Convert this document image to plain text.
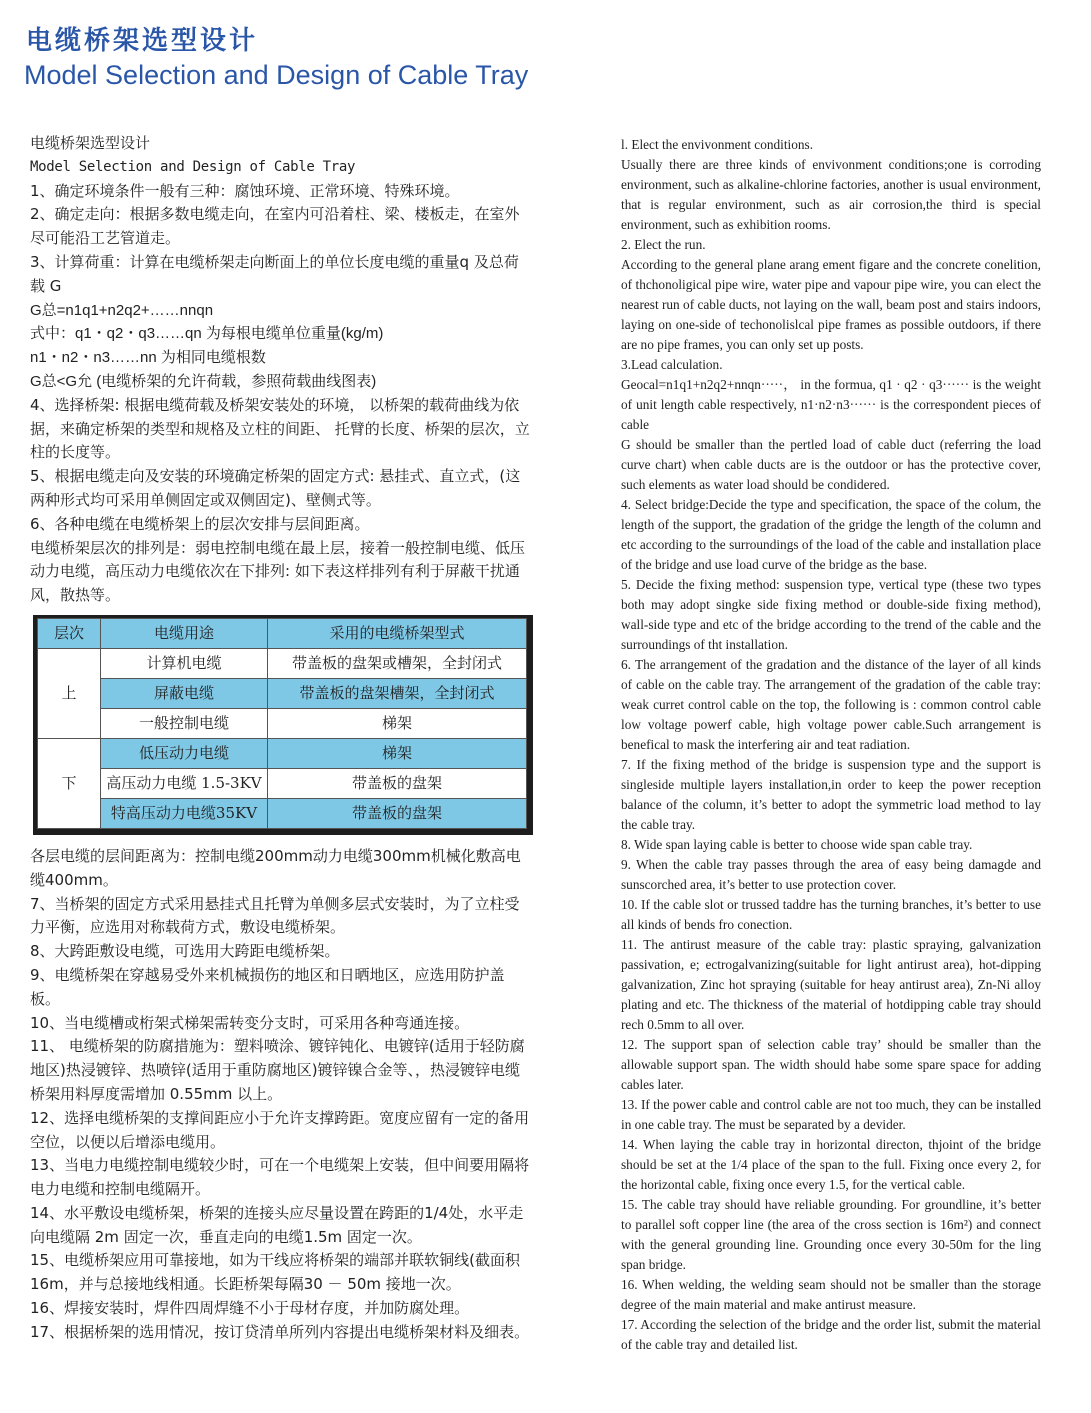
电缆桥架选型设计
Model Selection and Design of Cable Tray

电缆桥架选型设计

Model Selection and Design of Cable Tray

1、确定环境条件一般有三种：腐蚀环境、正常环境、特殊环境。

2、确定走向：根据多数电缆走向，在室内可沿着柱、梁、楼板走，在室外尽可能沿工艺管道走。

3、计算荷重：计算在电缆桥架走向断面上的单位长度电缆的重量q 及总荷载 G

G总=n1q1+n2q2+……nnqn

式中：q1・q2・q3……qn 为每根电缆单位重量(kg/m)

n1・n2・n3……nn 为相同电缆根数

G总<G允 (电缆桥架的允许荷载，参照荷载曲线图表)

4、选择桥架: 根据电缆荷载及桥架安装处的环境， 以桥架的载荷曲线为依据，来确定桥架的类型和规格及立柱的间距、 托臂的长度、桥架的层次，立柱的长度等。

5、根据电缆走向及安装的环境确定桥架的固定方式: 悬挂式、直立式，(这两种形式均可采用单侧固定或双侧固定)、壁侧式等。

6、各种电缆在电缆桥架上的层次安排与层间距离。

电缆桥架层次的排列是：弱电控制电缆在最上层，接着一般控制电缆、低压动力电缆，高压动力电缆依次在下排列: 如下表这样排列有利于屏蔽干扰通风，散热等。

层次	电缆用途	采用的电缆桥架型式
上	计算机电缆	带盖板的盘架或槽架，全封闭式
	屏蔽电缆	带盖板的盘架槽架，全封闭式
	一般控制电缆	梯架
下	低压动力电缆	梯架
	高压动力电缆 1.5-3KV	带盖板的盘架
	特高压动力电缆35KV	带盖板的盘架

各层电缆的层间距离为：控制电缆200mm动力电缆300mm机械化敷高电缆400mm。

7、当桥架的固定方式采用悬挂式且托臂为单侧多层式安装时，为了立柱受力平衡，应选用对称载荷方式，敷设电缆桥架。

8、大跨距敷设电缆，可选用大跨距电缆桥架。

9、电缆桥架在穿越易受外来机械损伤的地区和日晒地区，应选用防护盖板。

10、当电缆槽或桁架式梯架需转变分支时，可采用各种弯通连接。

11、 电缆桥架的防腐措施为：塑料喷涂、镀锌钝化、电镀锌(适用于轻防腐地区)热浸镀锌、热喷锌(适用于重防腐地区)镀锌镍合金等、，热浸镀锌电缆桥架用料厚度需增加 0.55mm 以上。

12、选择电缆桥架的支撑间距应小于允许支撑跨距。宽度应留有一定的备用空位，以便以后增添电缆用。

13、当电力电缆控制电缆较少时，可在一个电缆架上安装，但中间要用隔将电力电缆和控制电缆隔开。

14、水平敷设电缆桥架，桥架的连接头应尽量设置在跨距的1/4处，水平走向电缆隔 2m 固定一次，垂直走向的电缆1.5m 固定一次。

15、电缆桥架应用可靠接地，如为干线应将桥架的端部并联软铜线(截面积 16m，并与总接地线相通。长距桥架每隔30 － 50m 接地一次。

16、焊接安装时，焊件四周焊缝不小于母材存度，并加防腐处理。

17、根据桥架的选用情况，按订贷清单所列内容提出电缆桥架材料及细表。

l. Elect the envivonment conditions.

Usually there are three kinds of envivonment conditions;one is corroding environment, such as alkaline-chlorine factories, another is usual environment, that is regular environment, such as air corrosion,the third is special environment, such as exhibition rooms.

2. Elect the run.

According to the general plane arang ement figare and the concrete conelition, of thchonoligical pipe wire, water pipe and vapour pipe wire, you can elect the nearest run of cable ducts, not laying on the wall, beam post and stairs indoors, laying on one-side of techonolislcal pipe frames as possible outdoors, if there are no pipe frames, you can only set up posts.

3.Lead calculation.

Geocal=n1q1+n2q2+nnqn·····， in the formua, q1 · q2 · q3······ is the weight of unit length cable respectively, n1·n2·n3······ is the correspondent pieces of cable

G should be smaller than the pertled load of cable duct (referring the load curve chart) when cable ducts are is the outdoor or has the protective cover, such elements as water load should be condidered.

4. Select bridge:Decide the type and specification, the space of the colum, the length of the support, the gradation of the gridge the length of the column and etc according to the surroundings of the load of the cable and installation place of the bridge and use load curve of the bridge as the base.

5. Decide the fixing method: suspension type, vertical type (these two types both may adopt singke side fixing method or double-side fixing method), wall-side type and etc of the bridge according to the trend of the cable and the surroundings of tht installation.

6. The arrangement of the gradation and the distance of the layer of all kinds of cable on the cable tray. The arrangement of the gradation of the cable tray: weak curret control cable on the top, the following is : common control cable low voltage powerf cable, high voltage power cable.Such arrangement is benefical to mask the interfering air and teat radiation.

7. If the fixing method of the bridge is suspension type and the support is singleside multiple layers installation,in order to keep the power reception balance of the column, it’s better to adopt the symmetric load method to lay the cable tray.

8. Wide span laying cable is better to choose wide span cable tray.

9. When the cable tray passes through the area of easy being damagde and sunscorched area, it’s better to use protection cover.

10. If the cable slot or trussed taddre has the turning branches, it’s better to use all kinds of bends fro conection.

11. The antirust measure of the cable tray: plastic spraying, galvanization passivation, e; ectrogalvanizing(suitable for light antirust area), hot-dipping galvanization, Zinc hot spraying (suitable for heay antirust area), Zn-Ni alloy plating and etc. The thickness of the material of hotdipping cable tray should rech 0.5mm to all over.

12. The support span of selection cable tray’ should be smaller than the allowable support span. The width should habe some spare space for adding cables later.

13. If the power cable and control cable are not too much, they can be installed in one cable tray. The must be separated by a devider.

14. When laying the cable tray in horizontal directon, thjoint of the bridge should be set at the 1/4 place of the span to the full. Fixing once every 2, for the horizontal cable, fixing once every 1.5, for the vertical cable.

15. The cable tray should have reliable grounding. For groundline, it’s better to parallel soft copper line (the area of the cross section is 16m²) and connect with the general grounding line. Grounding once every 30-50m for the ling span bridge.

16. When welding, the welding seam should not be smaller than the storage degree of the main material and make antirust measure.

17. According the selection of the bridge and the order list, submit the material of the cable tray and detailed list.
